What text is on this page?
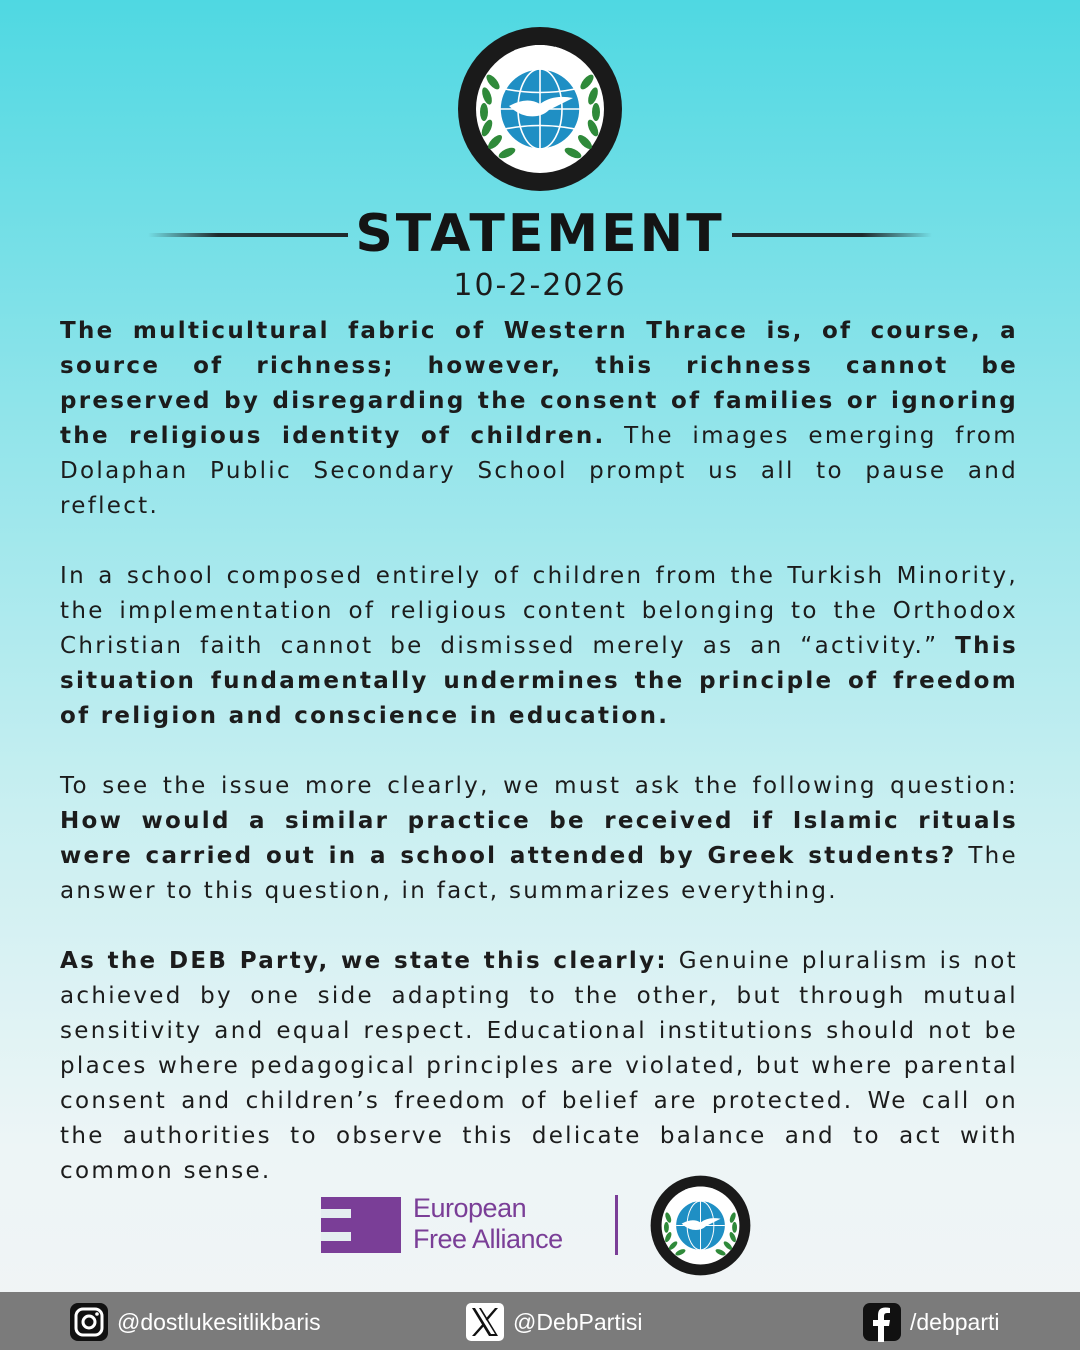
D.E.B
KIEΦ
STATEMENT
10-2-2026

The multicultural fabric of Western Thrace is, of course, a source of richness; however, this richness cannot be preserved by disregarding the consent of families or ignoring the religious identity of children. The images emerging from Dolaphan Public Secondary School prompt us all to pause and reflect.

In a school composed entirely of children from the Turkish Minority, the implementation of religious content belonging to the Orthodox Christian faith cannot be dismissed merely as an “activity.” This situation fundamentally undermines the principle of freedom of religion and conscience in education.

To see the issue more clearly, we must ask the following question: How would a similar practice be received if Islamic rituals were carried out in a school attended by Greek students? The answer to this question, in fact, summarizes everything.

As the DEB Party, we state this clearly: Genuine pluralism is not achieved by one side adapting to the other, but through mutual sensitivity and equal respect. Educational institutions should not be places where pedagogical principles are violated, but where parental consent and children’s freedom of belief are protected. We call on the authorities to observe this delicate balance and to act with common sense.

European
Free Alliance
D.E.B
KIEΦ
@dostlukesitlikbaris	@DebPartisi	/debparti
